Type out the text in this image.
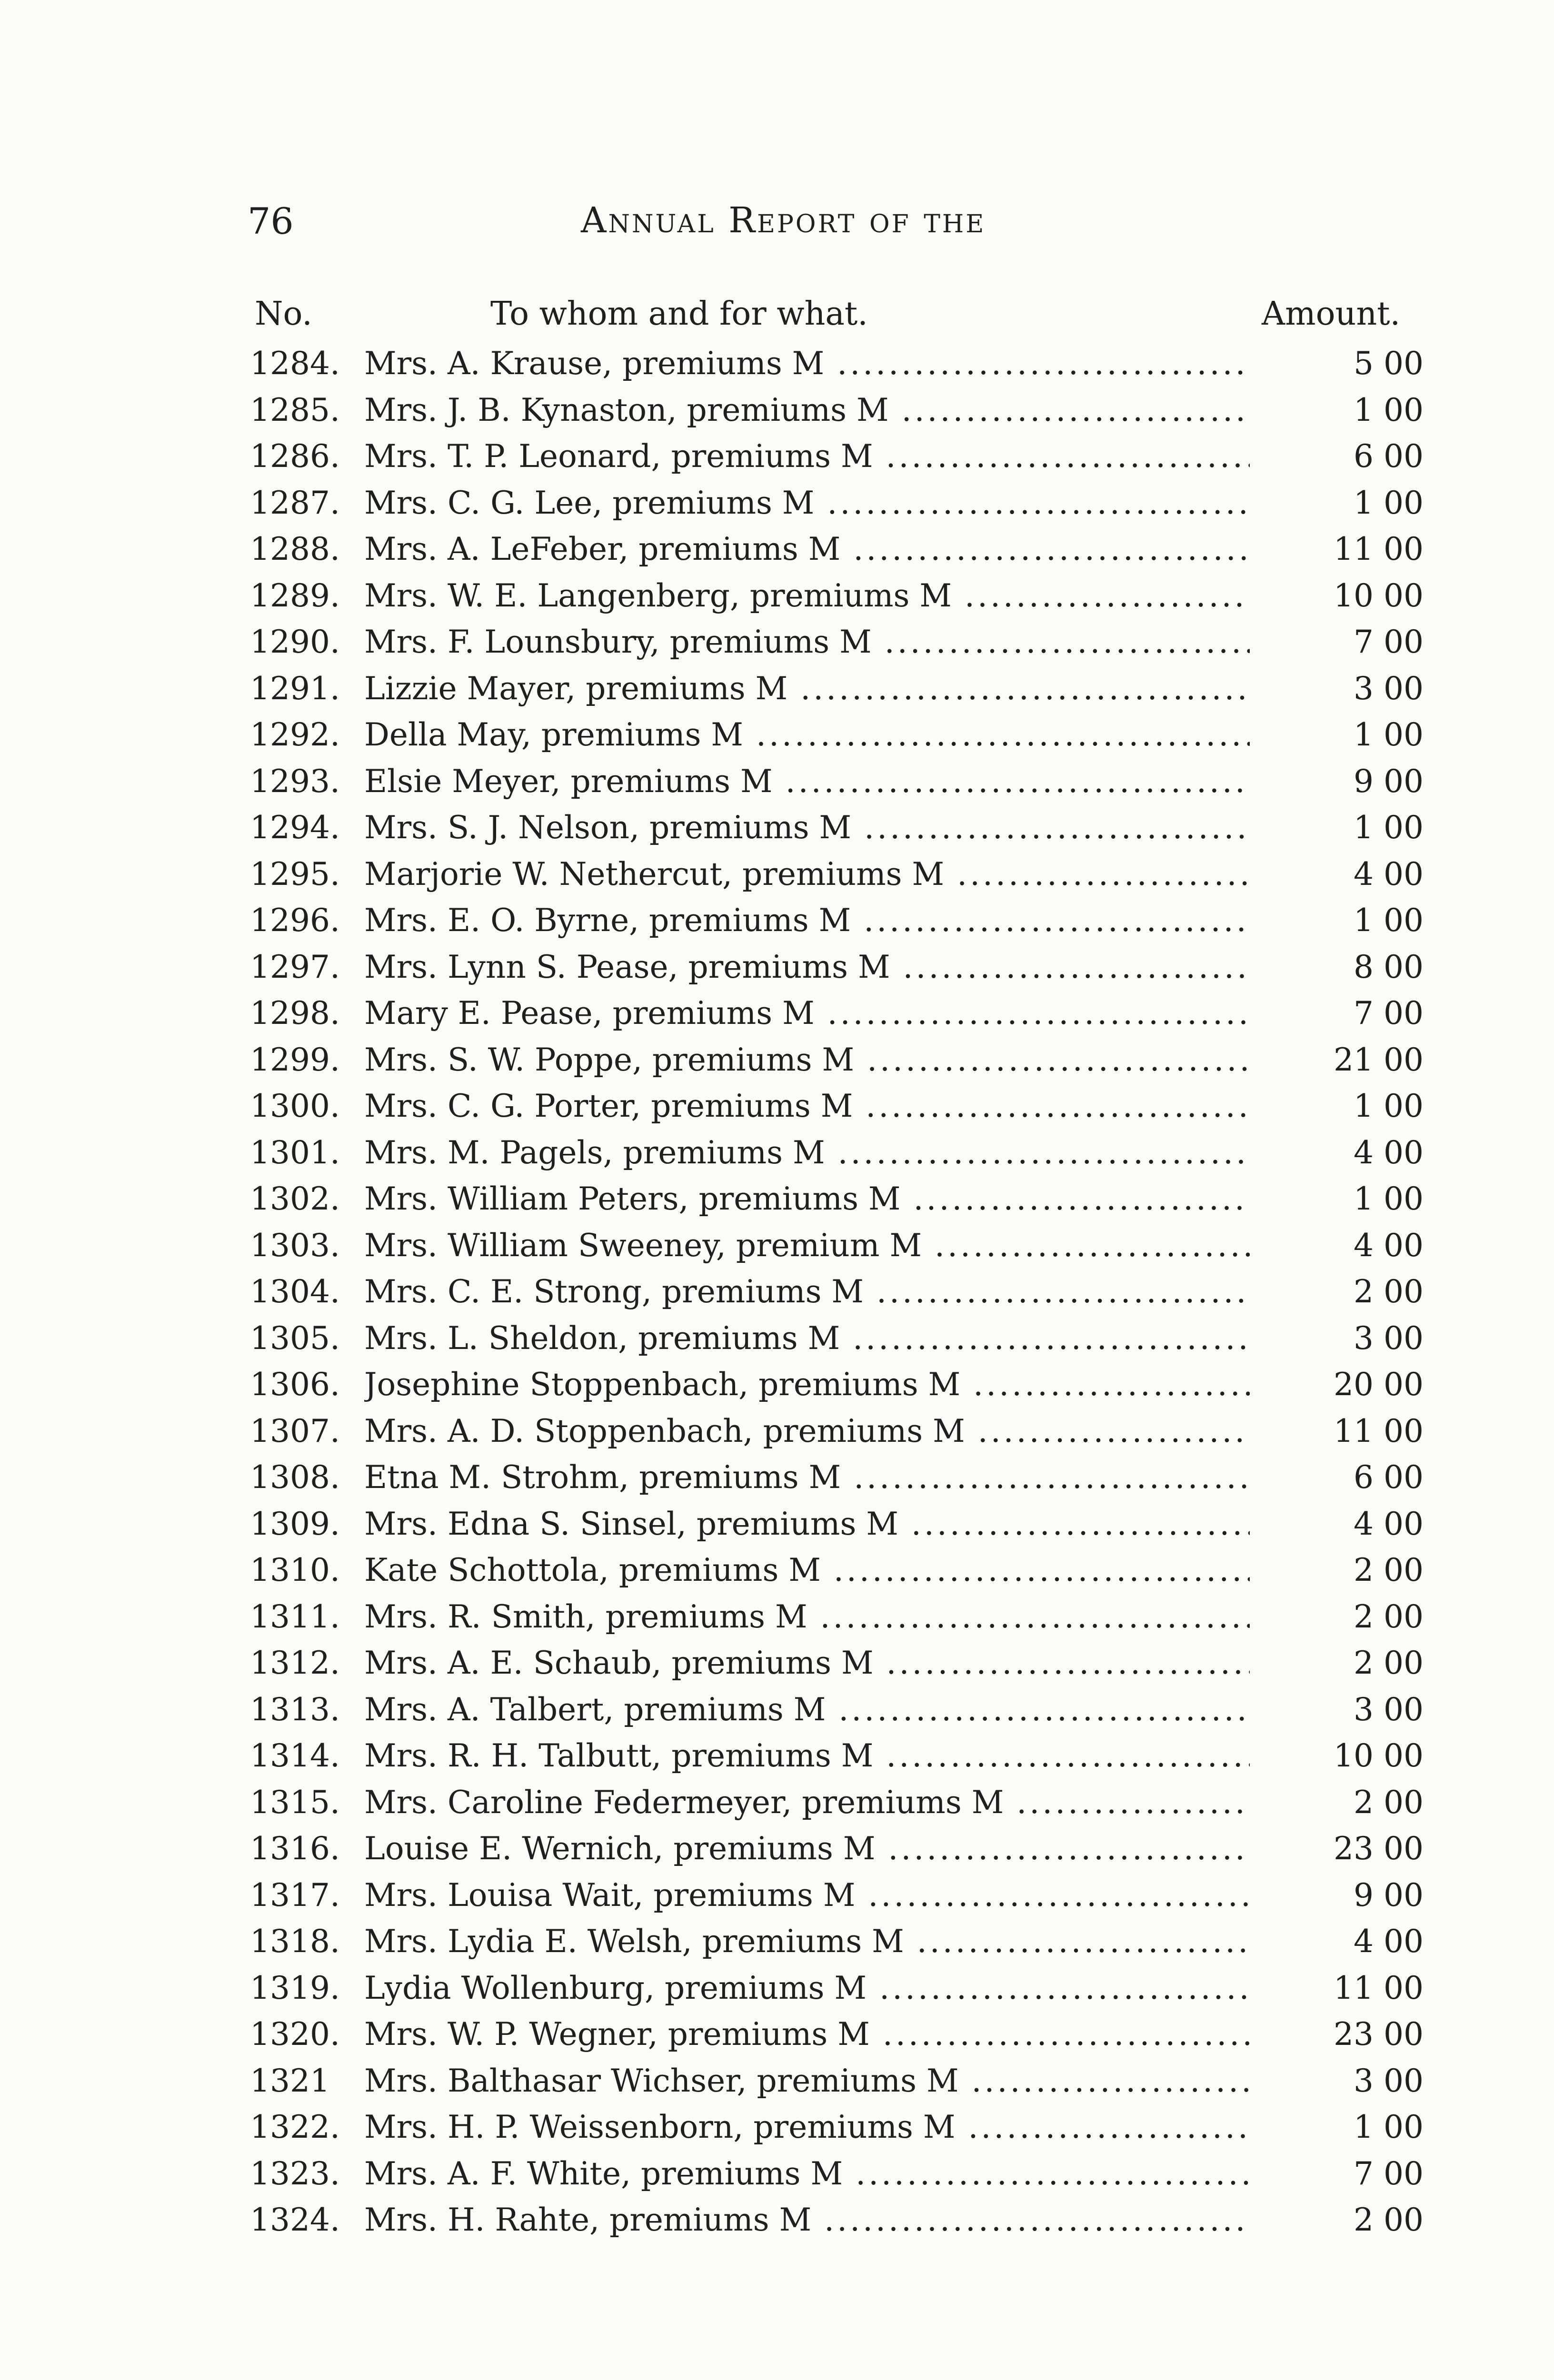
76	Annual Report of the
No.	To whom and for what.	Amount.
1284. Mrs. A. Krause, premiums M .....	5 00
1285. Mrs. J. B. Kynaston, premiums M .....	1 00
1286. Mrs. T. P. Leonard, premiums M .....	6 00
1287. Mrs. C. G. Lee, premiums M .....	1 00
1288. Mrs. A. LeFeber, premiums M .....	11 00
1289. Mrs. W. E. Langenberg, premiums M .....	10 00
1290. Mrs. F. Lounsbury, premiums M .....	7 00
1291. Lizzie Mayer, premiums M .....	3 00
1292. Della May, premiums M .....	1 00
1293. Elsie Meyer, premiums M .....	9 00
1294. Mrs. S. J. Nelson, premiums M .....	1 00
1295. Marjorie W. Nethercut, premiums M .....	4 00
1296. Mrs. E. O. Byrne, premiums M .....	1 00
1297. Mrs. Lynn S. Pease, premiums M .....	8 00
1298. Mary E. Pease, premiums M .....	7 00
1299. Mrs. S. W. Poppe, premiums M .....	21 00
1300. Mrs. C. G. Porter, premiums M .....	1 00
1301. Mrs. M. Pagels, premiums M .....	4 00
1302. Mrs. William Peters, premiums M .....	1 00
1303. Mrs. William Sweeney, premium M .....	4 00
1304. Mrs. C. E. Strong, premiums M .....	2 00
1305. Mrs. L. Sheldon, premiums M .....	3 00
1306. Josephine Stoppenbach, premiums M .....	20 00
1307. Mrs. A. D. Stoppenbach, premiums M .....	11 00
1308. Etna M. Strohm, premiums M .....	6 00
1309. Mrs. Edna S. Sinsel, premiums M .....	4 00
1310. Kate Schottola, premiums M .....	2 00
1311. Mrs. R. Smith, premiums M .....	2 00
1312. Mrs. A. E. Schaub, premiums M .....	2 00
1313. Mrs. A. Talbert, premiums M .....	3 00
1314. Mrs. R. H. Talbutt, premiums M .....	10 00
1315. Mrs. Caroline Federmeyer, premiums M .....	2 00
1316. Louise E. Wernich, premiums M .....	23 00
1317. Mrs. Louisa Wait, premiums M .....	9 00
1318. Mrs. Lydia E. Welsh, premiums M .....	4 00
1319. Lydia Wollenburg, premiums M .....	11 00
1320. Mrs. W. P. Wegner, premiums M .....	23 00
1321	Mrs. Balthasar Wichser, premiums M .....	3 00
1322. Mrs. H. P. Weissenborn, premiums M .....	1 00
1323. Mrs. A. F. White, premiums M .....	7 00
1324. Mrs. H. Rahte, premiums M .....	2 00
